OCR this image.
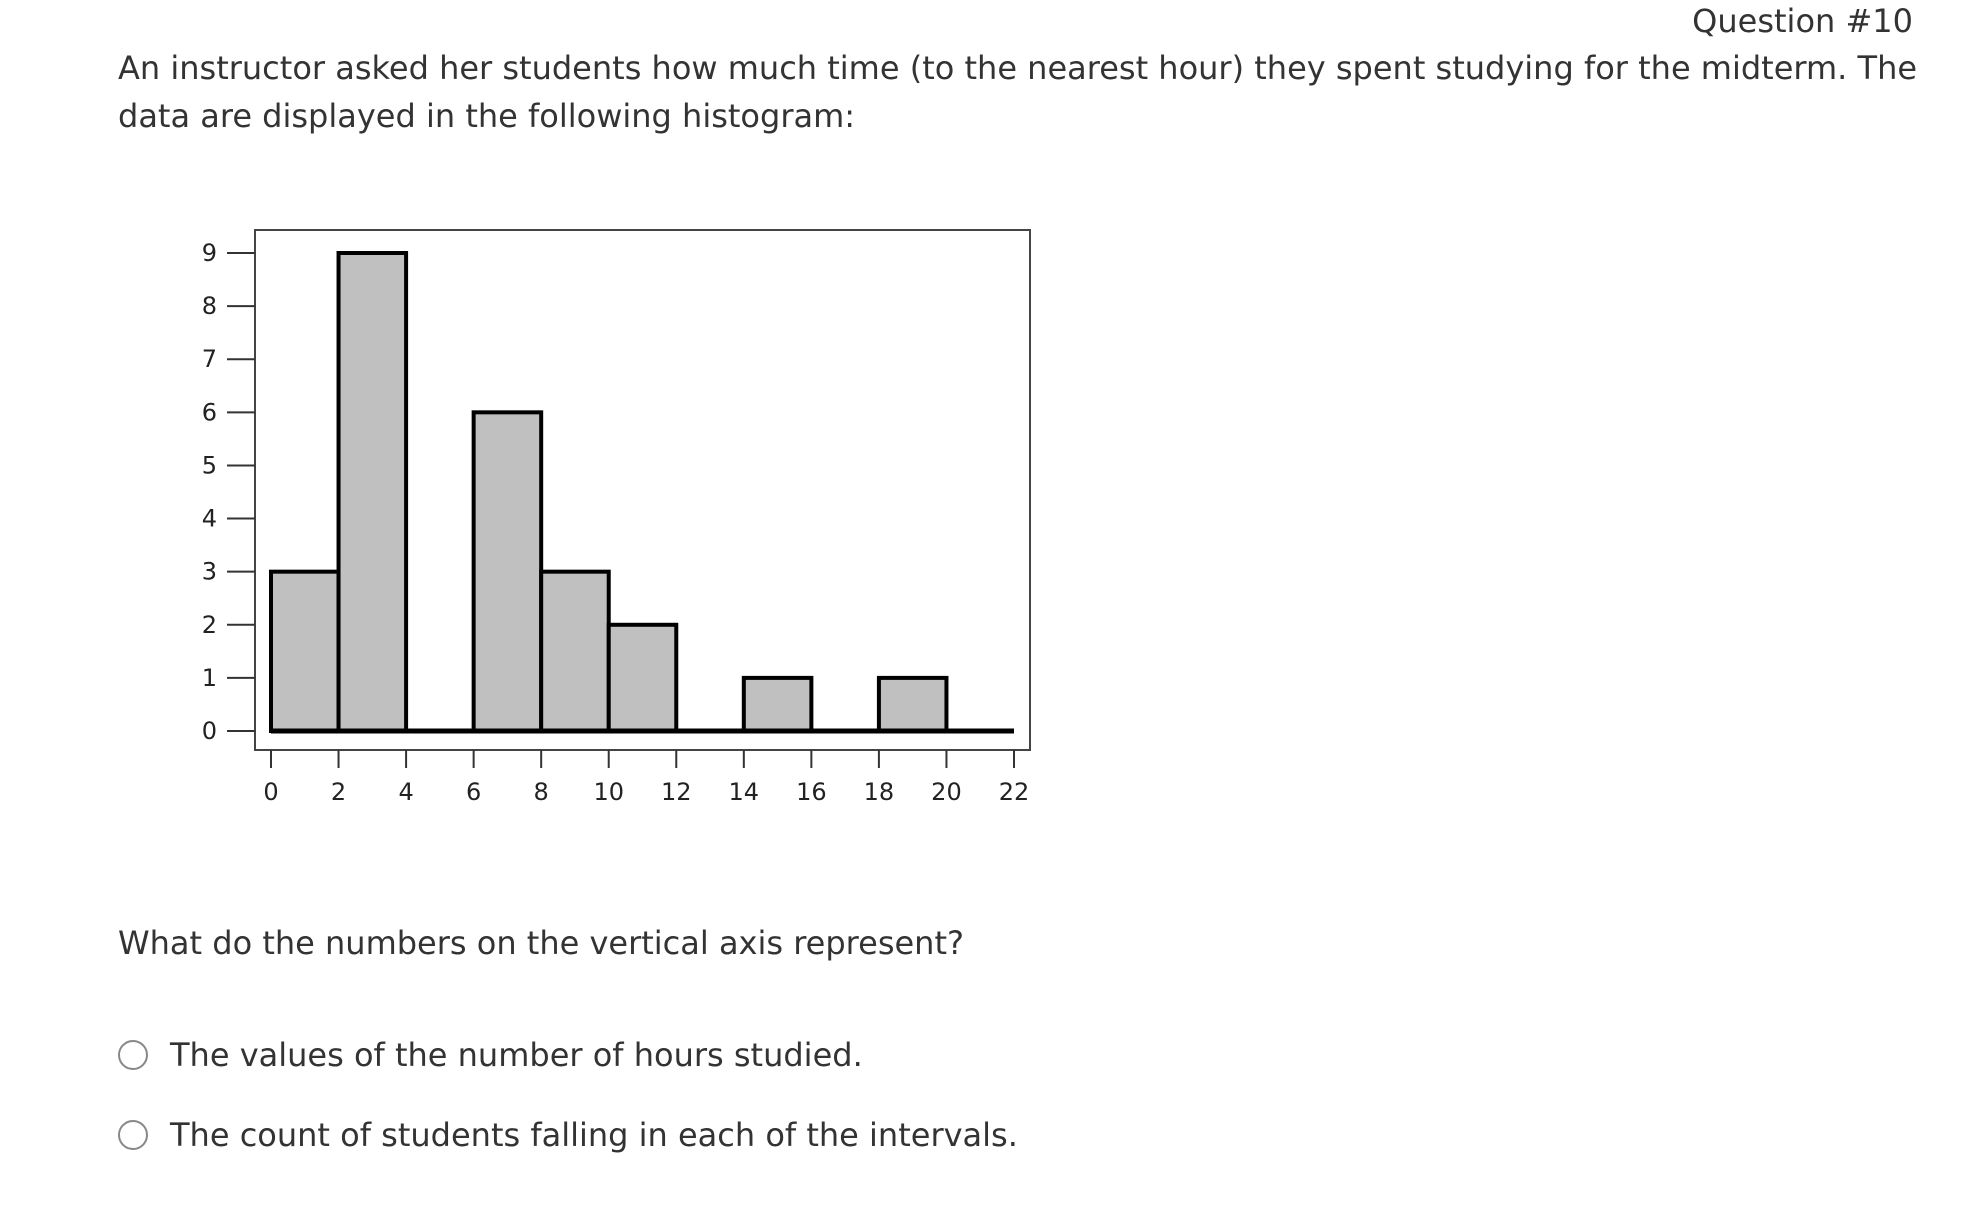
Question #10
An instructor asked her students how much time (to the nearest hour) they spent studying for the midterm. The data are displayed in the following histogram:
0
1
2
3
4
5
6
7
8
9
0 2 4 6 8 10 12 14 16 18 20 22
What do the numbers on the vertical axis represent?
The values of the number of hours studied.
The count of students falling in each of the intervals.
